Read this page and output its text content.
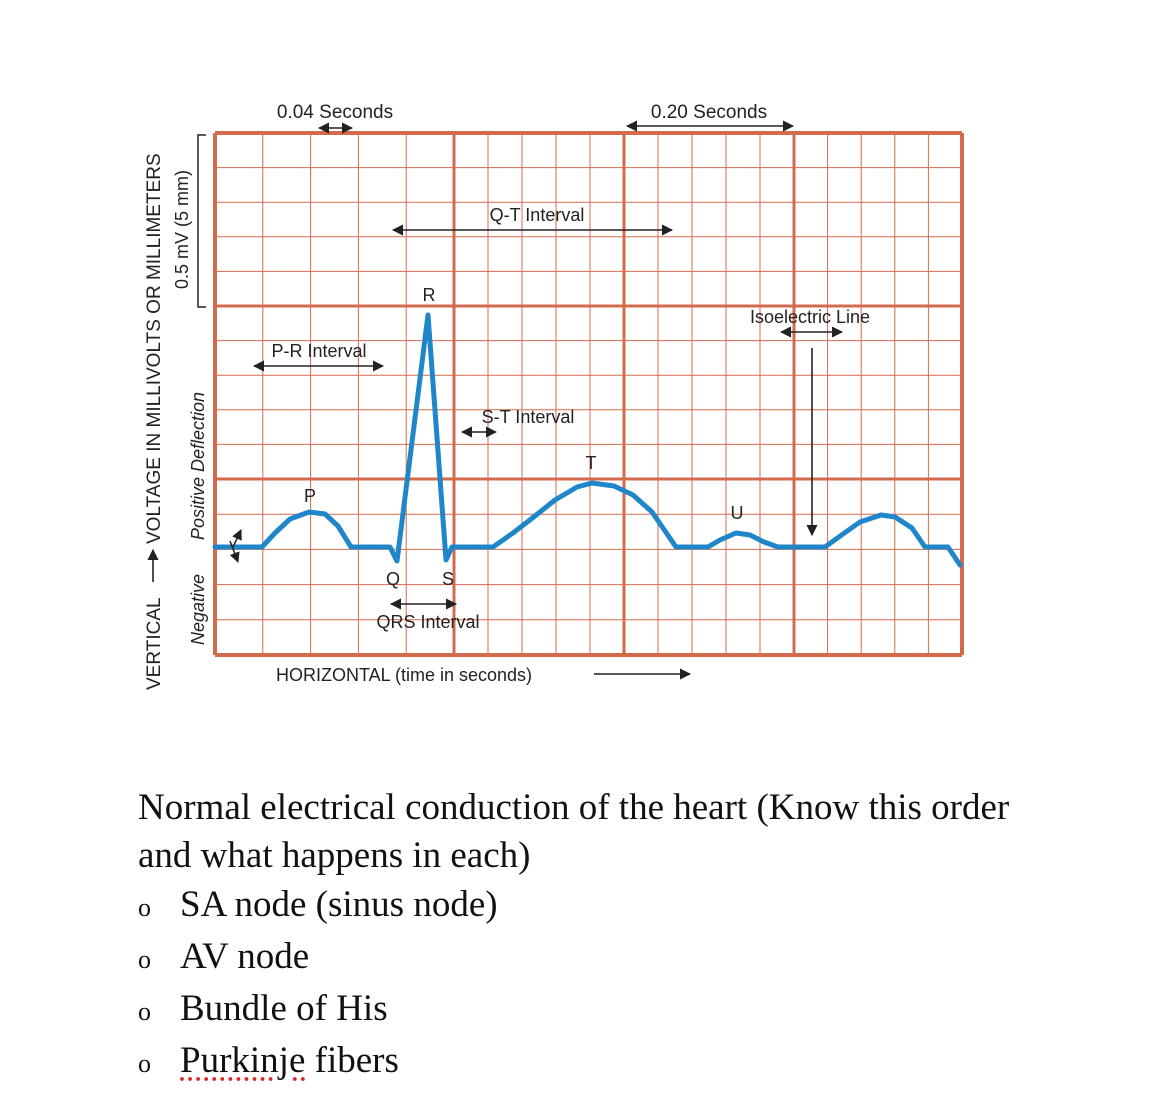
0.04 Seconds	0.20 Seconds
Q-T Interval
P-R Interval
S-T Interval
Isoelectric Line
QRS Interval
R
P
Q S
T
U
HORIZONTAL (time in seconds)
VERTICAL
VOLTAGE IN MILLIVOLTS OR MILLIMETERS 0.5 mV (5 mm)
Negative
Positive Deflection

Normal electrical conduction of the heart (Know this order and what happens in each)

o SA node (sinus node)
o AV node
o Bundle of His
o Purkinje fibers
